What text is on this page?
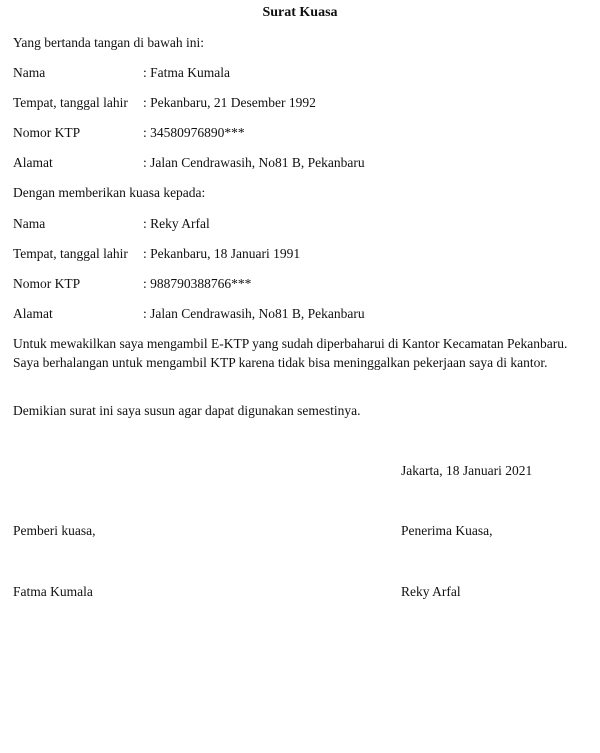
Surat Kuasa
Yang bertanda tangan di bawah ini:
Nama	: Fatma Kumala
Tempat, tanggal lahir : Pekanbaru, 21 Desember 1992
Nomor KTP	: 34580976890***
Alamat	: Jalan Cendrawasih, No81 B, Pekanbaru
Dengan memberikan kuasa kepada:
Nama	: Reky Arfal
Tempat, tanggal lahir : Pekanbaru, 18 Januari 1991
Nomor KTP	: 988790388766***
Alamat	: Jalan Cendrawasih, No81 B, Pekanbaru
Untuk mewakilkan saya mengambil E-KTP yang sudah diperbaharui di Kantor Kecamatan Pekanbaru. Saya berhalangan untuk mengambil KTP karena tidak bisa meninggalkan pekerjaan saya di kantor.
Demikian surat ini saya susun agar dapat digunakan semestinya.
Jakarta, 18 Januari 2021
Pemberi kuasa,	Penerima Kuasa,
Fatma Kumala	Reky Arfal
